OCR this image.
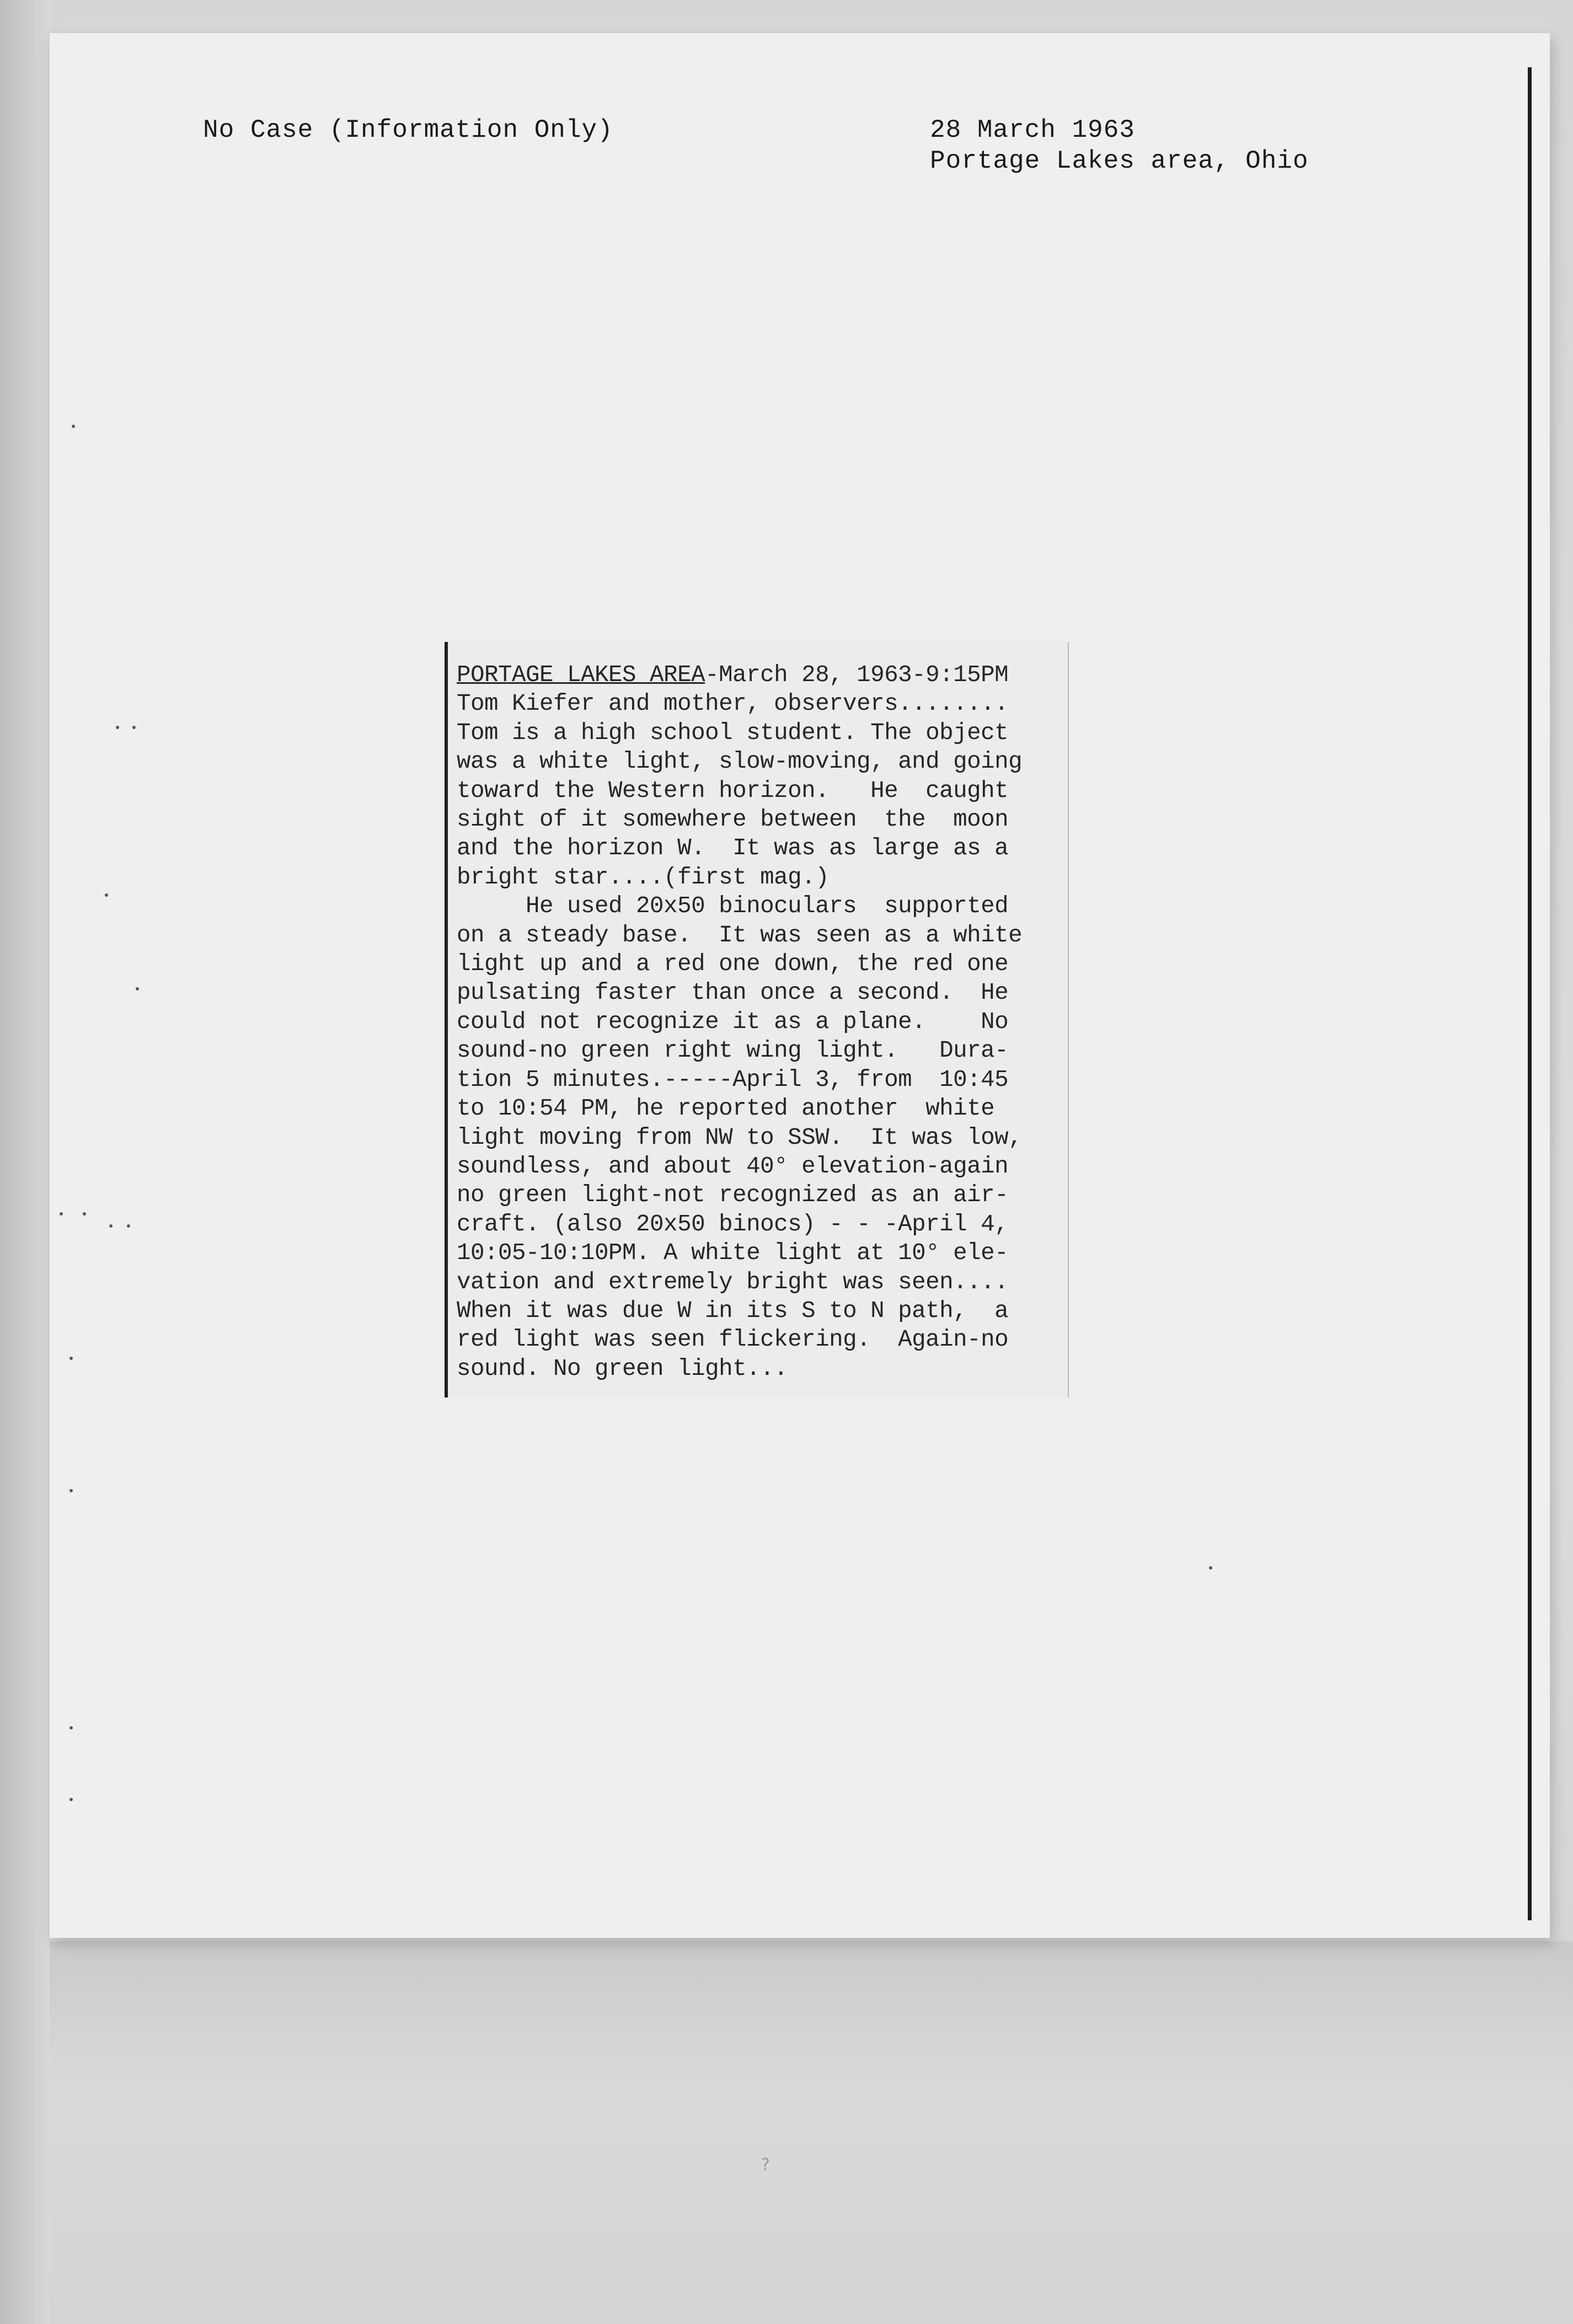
No Case (Information Only)	28 March 1963
Portage Lakes area, Ohio
PORTAGE LAKES AREA-March 28, 1963-9:15PM
Tom Kiefer and mother, observers........
Tom is a high school student. The object
was a white light, slow-moving, and going
toward the Western horizon.   He  caught
sight of it somewhere between  the  moon
and the horizon W.  It was as large as a
bright star....(first mag.)
He used 20x50 binoculars  supported
on a steady base.  It was seen as a white
light up and a red one down, the red one
pulsating faster than once a second.  He
could not recognize it as a plane.    No
sound-no green right wing light.   Dura-
tion 5 minutes.-----April 3, from  10:45
to 10:54 PM, he reported another  white
light moving from NW to SSW.  It was low,
soundless, and about 40° elevation-again
no green light-not recognized as an air-
craft. (also 20x50 binocs) - - -April 4,
10:05-10:10PM. A white light at 10° ele-
vation and extremely bright was seen....
When it was due W in its S to N path,  a
red light was seen flickering.  Again-no
sound. No green light...
?
